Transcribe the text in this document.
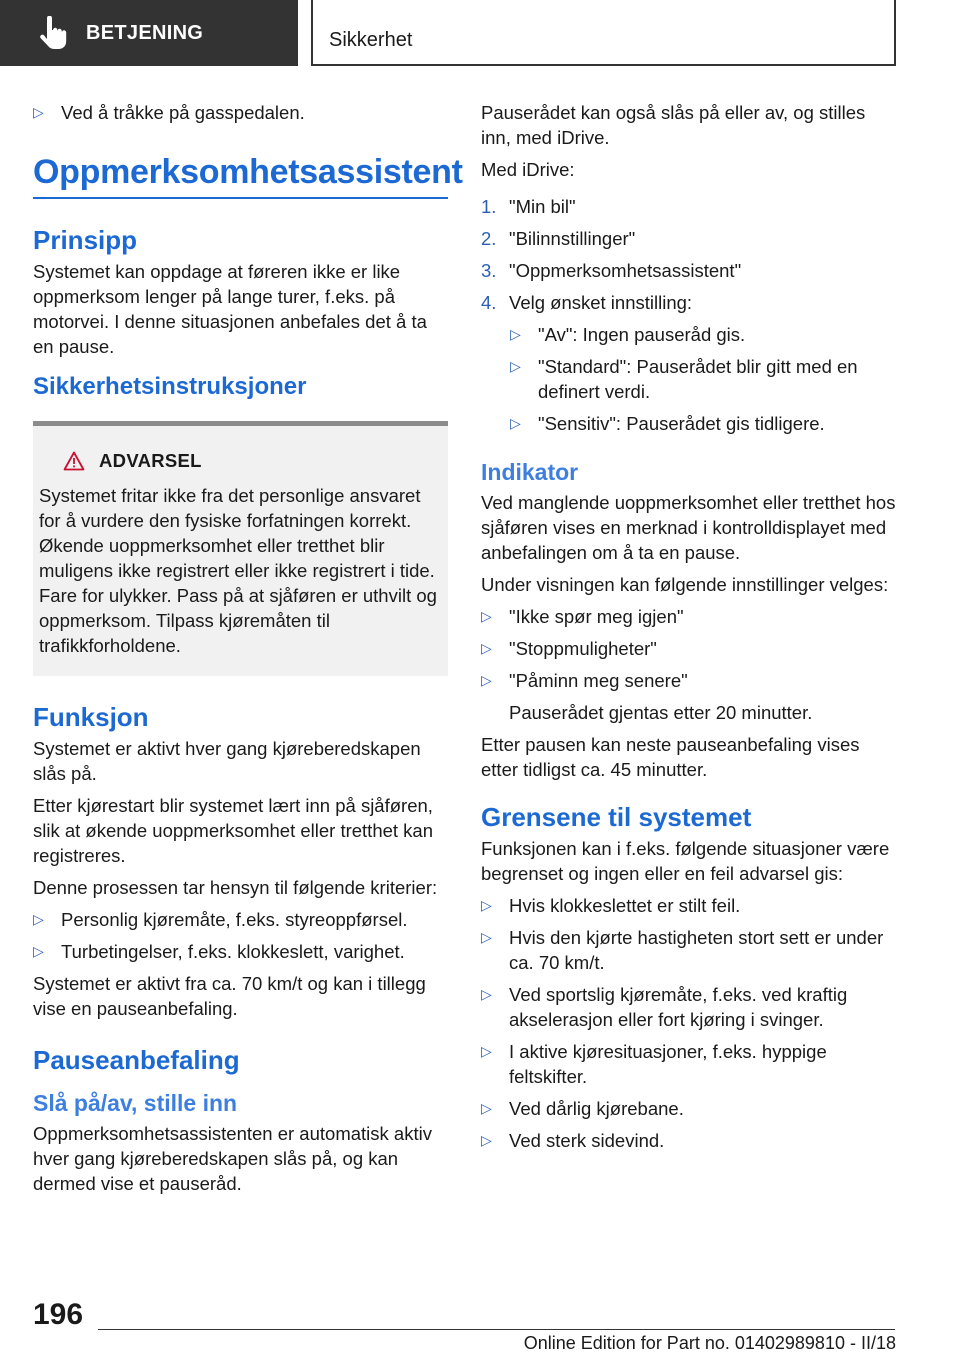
BETJENING	Sikkerhet
▷ Ved å tråkke på gasspedalen.
Oppmerksomhetsassistent
Prinsipp

Systemet kan oppdage at føreren ikke er like oppmerksom lenger på lange turer, f.eks. på motorvei. I denne situasjonen anbefales det å ta en pause.

Sikkerhetsinstruksjoner
ADVARSEL

Systemet fritar ikke fra det personlige ansvaret for å vurdere den fysiske forfatningen korrekt. Økende uoppmerksomhet eller tretthet blir muligens ikke registrert eller ikke registrert i tide. Fare for ulykker. Pass på at sjåføren er uthvilt og oppmerksom. Tilpass kjøremåten til trafikkforholdene.

Funksjon

Systemet er aktivt hver gang kjøreberedskapen slås på.

Etter kjørestart blir systemet lært inn på sjåføren, slik at økende uoppmerksomhet eller tretthet kan registreres.

Denne prosessen tar hensyn til følgende kriterier:

▷ Personlig kjøremåte, f.eks. styreoppførsel.
▷ Turbetingelser, f.eks. klokkeslett, varighet.

Systemet er aktivt fra ca. 70 km/t og kan i tillegg vise en pauseanbefaling.

Pauseanbefaling
Slå på/av, stille inn

Oppmerksomhetsassistenten er automatisk aktiv hver gang kjøreberedskapen slås på, og kan dermed vise et pauseråd.

Pauserådet kan også slås på eller av, og stilles inn, med iDrive.

Med iDrive:

1. "Min bil"
2. "Bilinnstillinger"
3. "Oppmerksomhetsassistent"
4. Velg ønsket innstilling:
▷ "Av": Ingen pauseråd gis.
▷ "Standard": Pauserådet blir gitt med en definert verdi.
▷ "Sensitiv": Pauserådet gis tidligere.
Indikator

Ved manglende uoppmerksomhet eller tretthet hos sjåføren vises en merknad i kontrolldisplayet med anbefalingen om å ta en pause.

Under visningen kan følgende innstillinger velges:

▷ "Ikke spør meg igjen"
▷ "Stoppmuligheter"
▷ "Påminn meg senere"

Pauserådet gjentas etter 20 minutter.

Etter pausen kan neste pauseanbefaling vises etter tidligst ca. 45 minutter.

Grensene til systemet

Funksjonen kan i f.eks. følgende situasjoner være begrenset og ingen eller en feil advarsel gis:

▷ Hvis klokkeslettet er stilt feil.
▷ Hvis den kjørte hastigheten stort sett er under ca. 70 km/t.
▷ Ved sportslig kjøremåte, f.eks. ved kraftig akselerasjon eller fort kjøring i svinger.
▷ I aktive kjøresituasjoner, f.eks. hyppige feltskifter.
▷ Ved dårlig kjørebane.
▷ Ved sterk sidevind.
196
Online Edition for Part no. 01402989810 - II/18
